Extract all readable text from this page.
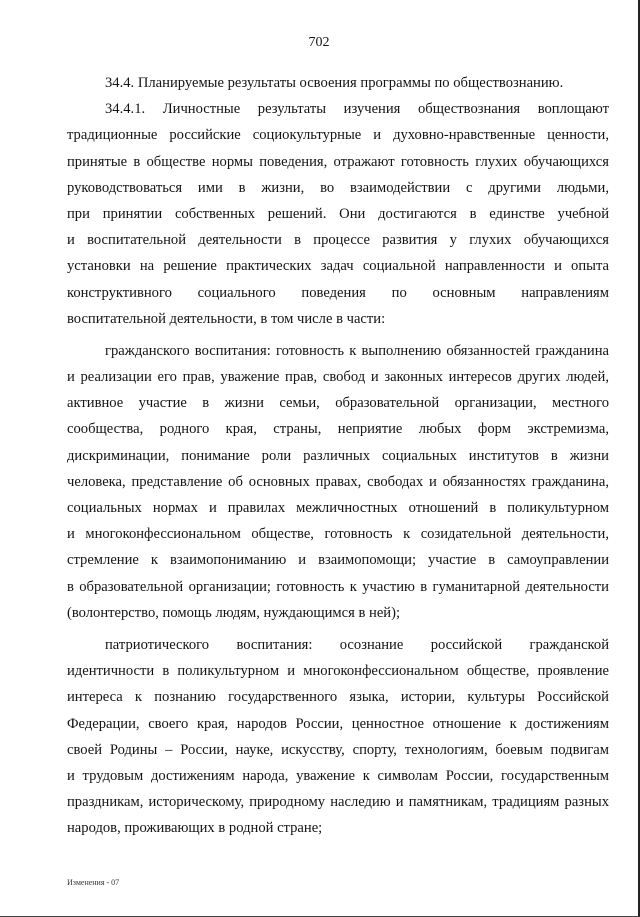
702
34.4. Планируемые результаты освоения программы по обществознанию.
34.4.1. Личностные результаты изучения обществознания воплощают
традиционные российские социокультурные и духовно-нравственные ценности,
принятые в обществе нормы поведения, отражают готовность глухих обучающихся
руководствоваться ими в жизни, во взаимодействии с другими людьми,
при принятии собственных решений. Они достигаются в единстве учебной
и воспитательной деятельности в процессе развития у глухих обучающихся
установки на решение практических задач социальной направленности и опыта
конструктивного социального поведения по основным направлениям
воспитательной деятельности, в том числе в части:
гражданского воспитания: готовность к выполнению обязанностей гражданина
и реализации его прав, уважение прав, свобод и законных интересов других людей,
активное участие в жизни семьи, образовательной организации, местного
сообщества, родного края, страны, неприятие любых форм экстремизма,
дискриминации, понимание роли различных социальных институтов в жизни
человека, представление об основных правах, свободах и обязанностях гражданина,
социальных нормах и правилах межличностных отношений в поликультурном
и многоконфессиональном обществе, готовность к созидательной деятельности,
стремление к взаимопониманию и взаимопомощи; участие в самоуправлении
в образовательной организации; готовность к участию в гуманитарной деятельности
(волонтерство, помощь людям, нуждающимся в ней);
патриотического воспитания: осознание российской гражданской
идентичности в поликультурном и многоконфессиональном обществе, проявление
интереса к познанию государственного языка, истории, культуры Российской
Федерации, своего края, народов России, ценностное отношение к достижениям
своей Родины – России, науке, искусству, спорту, технологиям, боевым подвигам
и трудовым достижениям народа, уважение к символам России, государственным
праздникам, историческому, природному наследию и памятникам, традициям разных
народов, проживающих в родной стране;
Изменения - 07
